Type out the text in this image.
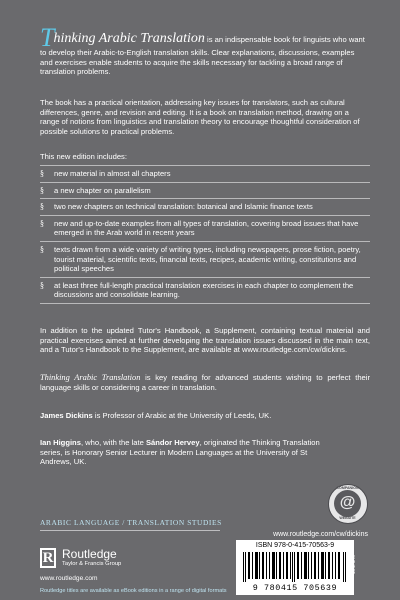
Thinking Arabic Translation is an indispensable book for linguists who want to develop their Arabic-to-English translation skills. Clear explanations, discussions, examples and exercises enable students to acquire the skills necessary for tackling a broad range of translation problems.

The book has a practical orientation, addressing key issues for translators, such as cultural differences, genre, and revision and editing. It is a book on translation method, drawing on a range of notions from linguistics and translation theory to encourage thoughtful consideration of possible solutions to practical problems.

This new edition includes:

§ new material in almost all chapters

§ a new chapter on parallelism

§ two new chapters on technical translation: botanical and Islamic finance texts

§ new and up-to-date examples from all types of translation, covering broad issues that have emerged in the Arab world in recent years

§ texts drawn from a wide variety of writing types, including newspapers, prose fiction, poetry, tourist material, scientific texts, financial texts, recipes, academic writing, constitutions and political speeches

§ at least three full-length practical translation exercises in each chapter to complement the discussions and consolidate learning.

In addition to the updated Tutor's Handbook, a Supplement, containing textual material and practical exercises aimed at further developing the translation issues discussed in the main text, and a Tutor's Handbook to the Supplement, are available at www.routledge.com/cw/dickins.

Thinking Arabic Translation is key reading for advanced students wishing to perfect their language skills or considering a career in translation.

James Dickins is Professor of Arabic at the University of Leeds, UK.

Ian Higgins, who, with the late Sándor Hervey, originated the Thinking Translation series, is Honorary Senior Lecturer in Modern Languages at the University of St Andrews, UK.

COMPANION
@
WEBSITE
www.routledge.com/cw/dickins
ARABIC LANGUAGE / TRANSLATION STUDIES
R Routledge
Taylor & Francis Group
www.routledge.com
Routledge titles are available as eBook editions in a range of digital formats
ISBN 978-0-415-70563-9
9 780415 705639
SUBJECT
